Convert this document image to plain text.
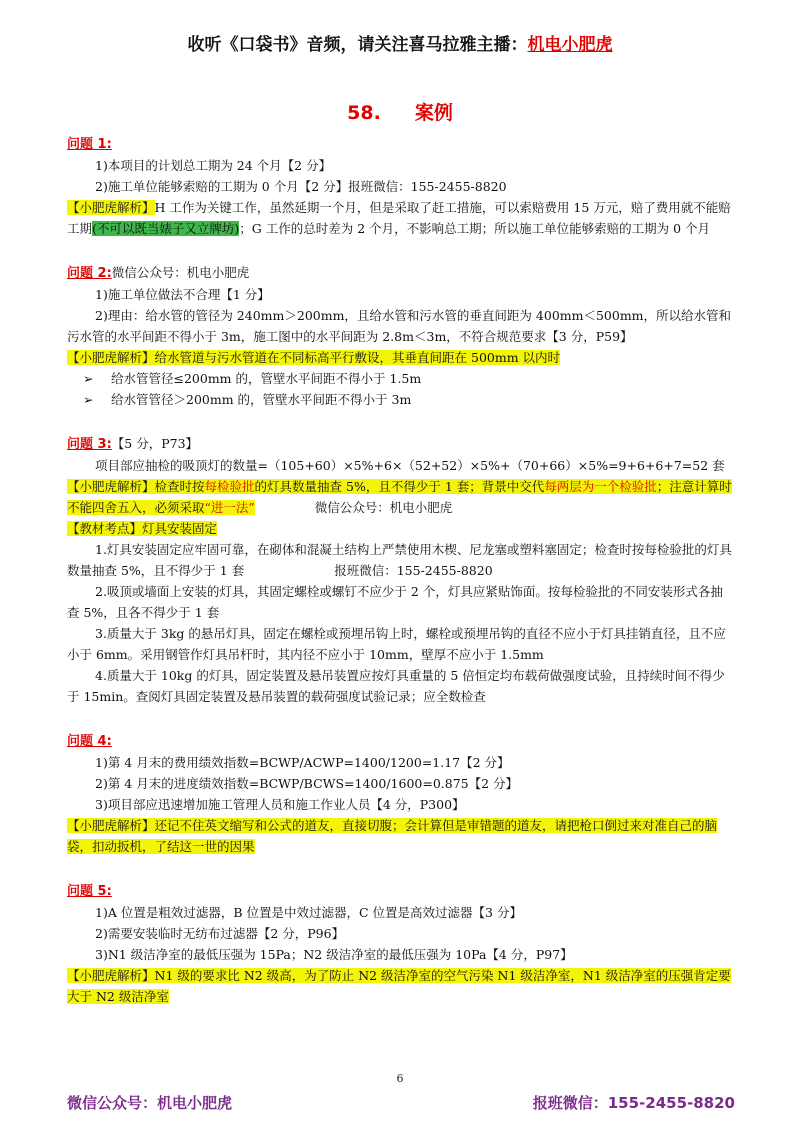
收听《口袋书》音频，请关注喜马拉雅主播：机电小肥虎
58. 案例
问题 1:
1)本项目的计划总工期为 24 个月【2 分】
2)施工单位能够索赔的工期为 0 个月【2 分】报班微信：155-2455-8820
【小肥虎解析】H 工作为关键工作，虽然延期一个月，但是采取了赶工措施，可以索赔费用 15 万元，赔了费用就不能赔工期(不可以既当婊子又立牌坊)；G 工作的总时差为 2 个月，不影响总工期；所以施工单位能够索赔的工期为 0 个月
问题 2:微信公众号：机电小肥虎
1)施工单位做法不合理【1 分】
2)理由：给水管的管径为 240mm＞200mm，且给水管和污水管的垂直间距为 400mm＜500mm，所以给水管和污水管的水平间距不得小于 3m，施工图中的水平间距为 2.8m＜3m，不符合规范要求【3 分，P59】
【小肥虎解析】给水管道与污水管道在不同标高平行敷设，其垂直间距在 500mm 以内时
➢ 给水管管径≤200mm 的，管壁水平间距不得小于 1.5m
➢ 给水管管径＞200mm 的，管壁水平间距不得小于 3m
问题 3:【5 分，P73】
项目部应抽检的吸顶灯的数量=（105+60）×5%+6×（52+52）×5%+（70+66）×5%=9+6+6+7=52 套
【小肥虎解析】检查时按每检验批的灯具数量抽查 5%，且不得少于 1 套；背景中交代每两层为一个检验批；注意计算时不能四舍五入，必须采取“进一法”	微信公众号：机电小肥虎
【教材考点】灯具安装固定
1.灯具安装固定应牢固可靠，在砌体和混凝土结构上严禁使用木楔、尼龙塞或塑料塞固定；检查时按每检验批的灯具数量抽查 5%，且不得少于 1 套	报班微信：155-2455-8820
2.吸顶或墙面上安装的灯具，其固定螺栓或螺钉不应少于 2 个，灯具应紧贴饰面。按每检验批的不同安装形式各抽查 5%，且各不得少于 1 套
3.质量大于 3kg 的悬吊灯具，固定在螺栓或预埋吊钩上时，螺栓或预埋吊钩的直径不应小于灯具挂销直径，且不应小于 6mm。采用钢管作灯具吊杆时，其内径不应小于 10mm，壁厚不应小于 1.5mm
4.质量大于 10kg 的灯具，固定装置及悬吊装置应按灯具重量的 5 倍恒定均布载荷做强度试验，且持续时间不得少于 15min。查阅灯具固定装置及悬吊装置的载荷强度试验记录；应全数检查
问题 4:
1)第 4 月末的费用绩效指数=BCWP/ACWP=1400/1200=1.17【2 分】
2)第 4 月末的进度绩效指数=BCWP/BCWS=1400/1600=0.875【2 分】
3)项目部应迅速增加施工管理人员和施工作业人员【4 分，P300】
【小肥虎解析】还记不住英文缩写和公式的道友，直接切腹；会计算但是审错题的道友，请把枪口倒过来对准自己的脑袋，扣动扳机，了结这一世的因果
问题 5:
1)A 位置是粗效过滤器，B 位置是中效过滤器，C 位置是高效过滤器【3 分】
2)需要安装临时无纺布过滤器【2 分，P96】
3)N1 级洁净室的最低压强为 15Pa；N2 级洁净室的最低压强为 10Pa【4 分，P97】
【小肥虎解析】N1 级的要求比 N2 级高，为了防止 N2 级洁净室的空气污染 N1 级洁净室，N1 级洁净室的压强肯定要大于 N2 级洁净室
6
微信公众号：机电小肥虎	报班微信：155-2455-8820
